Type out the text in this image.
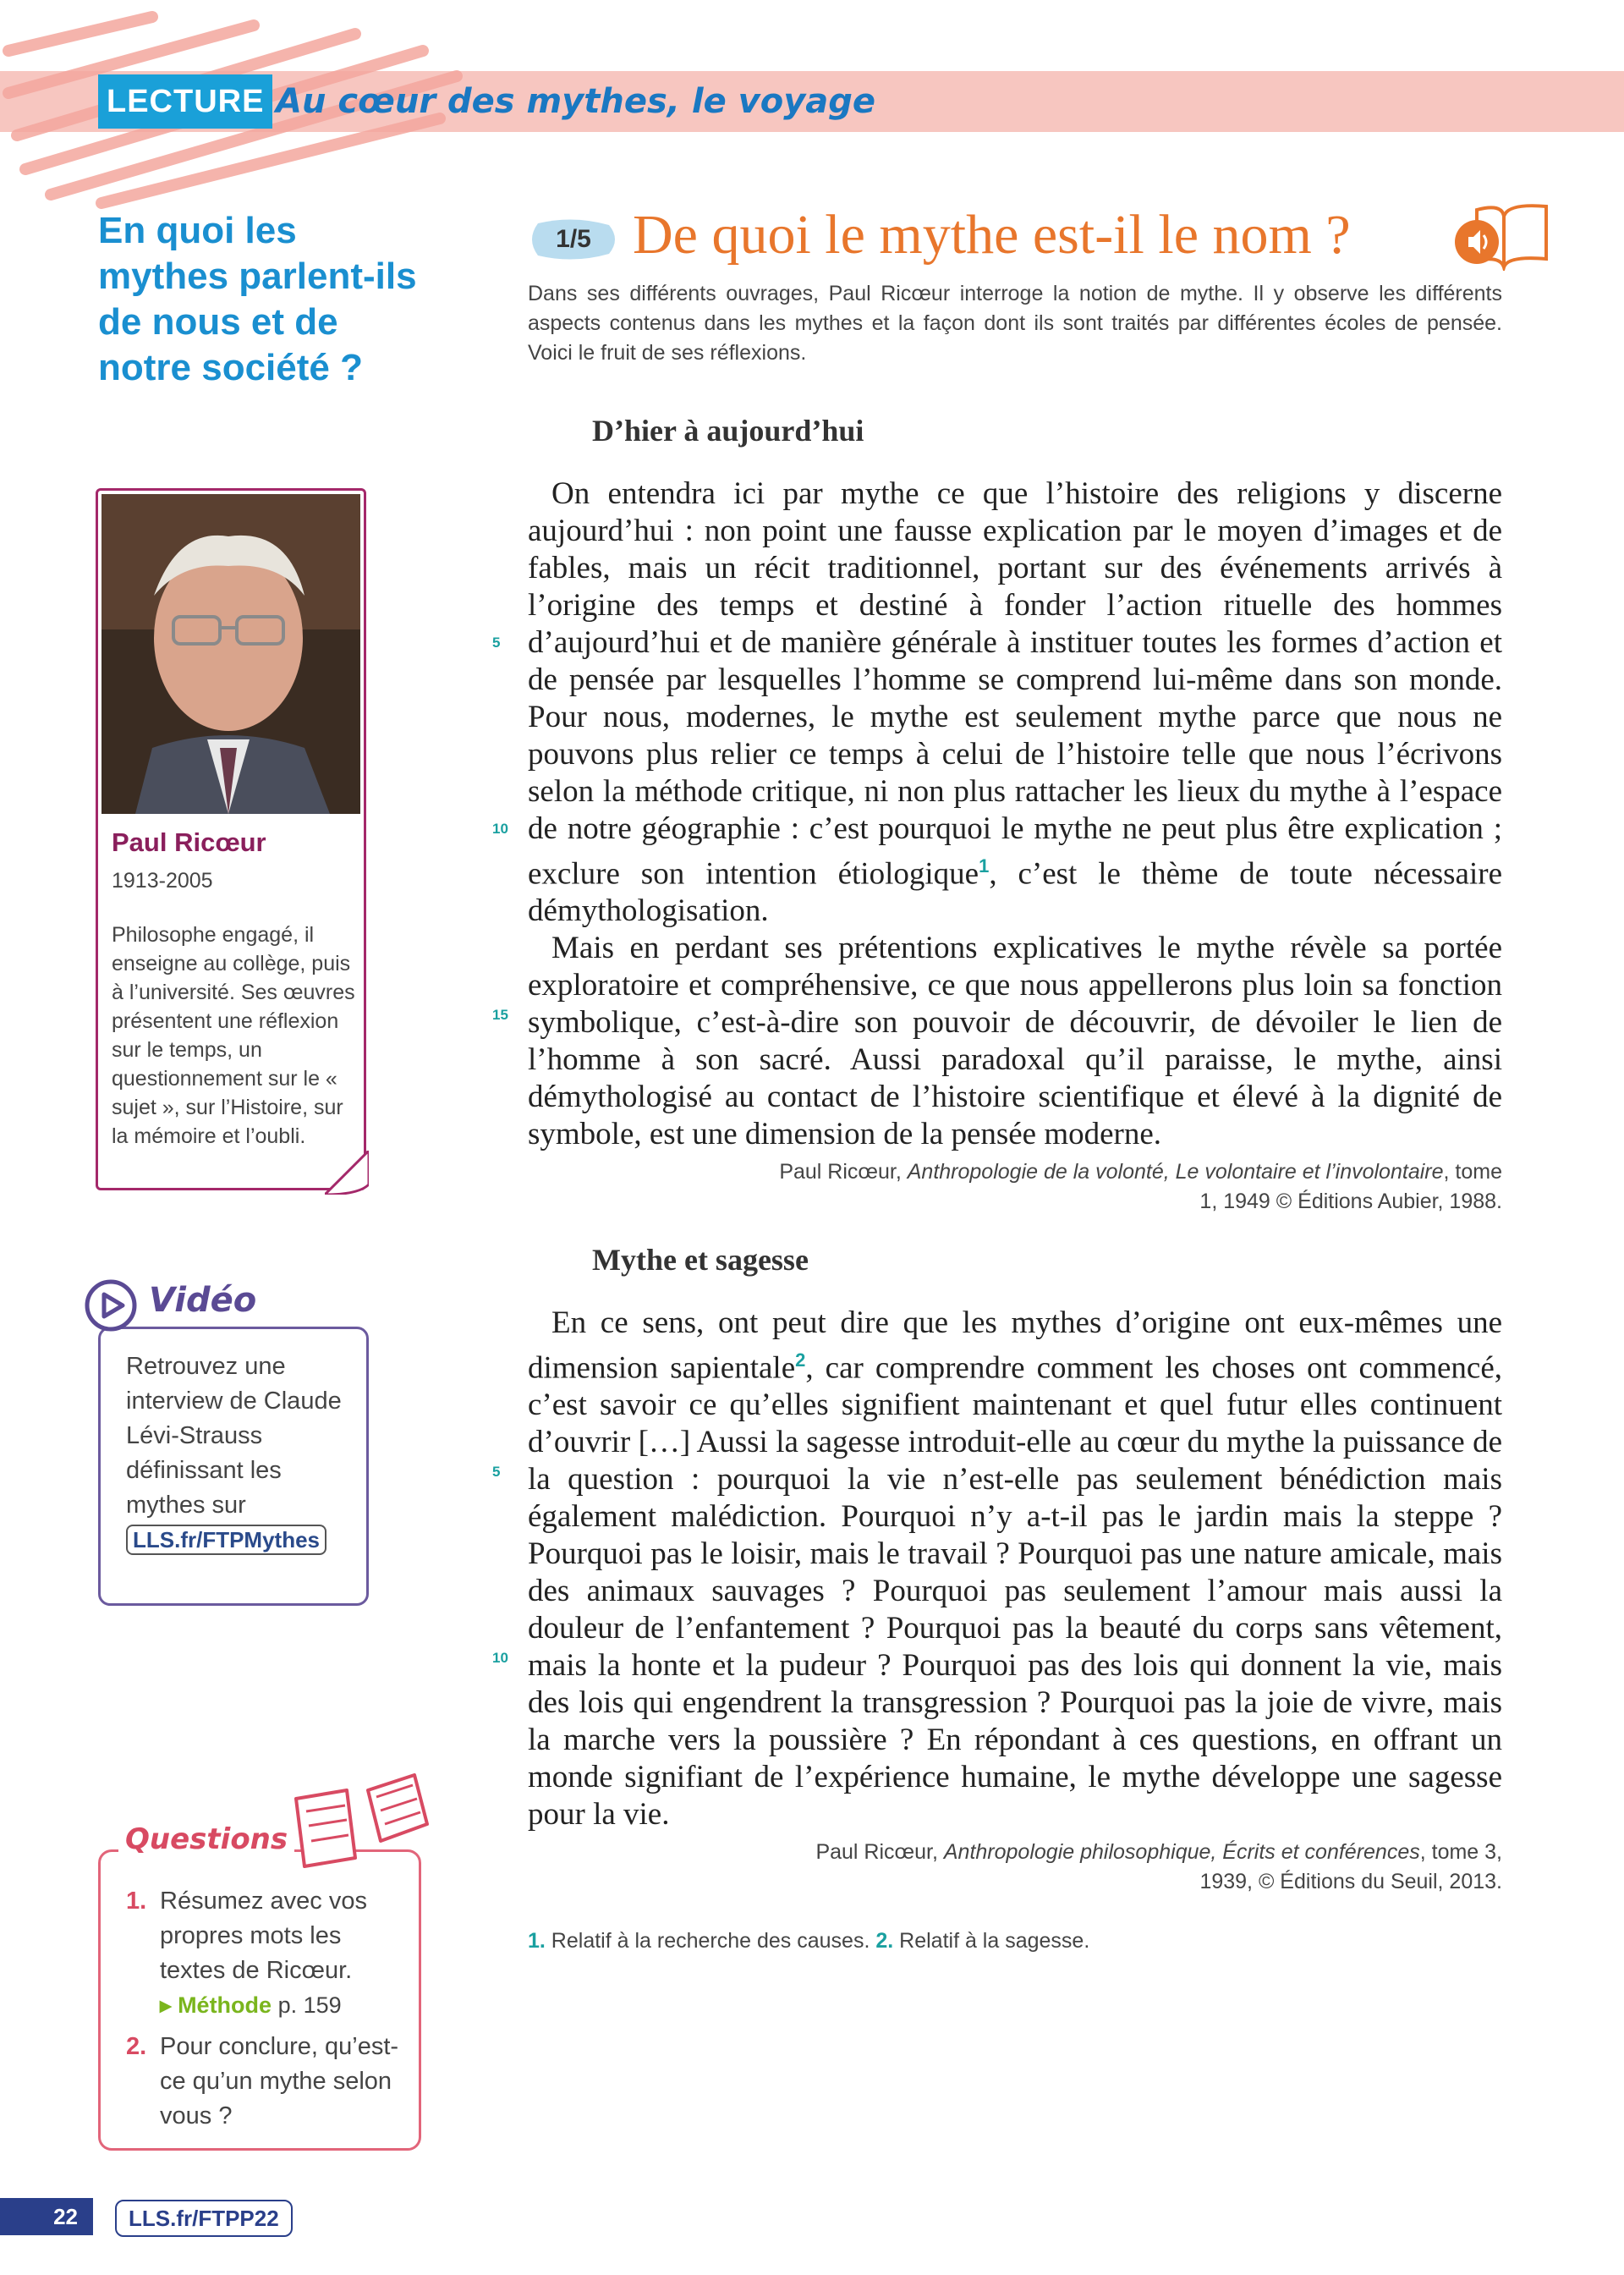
LECTURE Au cœur des mythes, le voyage
En quoi les mythes parlent-ils de nous et de notre société ?
Paul Ricœur
1913-2005
Philosophe engagé, il enseigne au collège, puis à l’université. Ses œuvres présentent une réflexion sur le temps, un questionnement sur le « sujet », sur l’Histoire, sur la mémoire et l’oubli.
Retrouvez une interview de Claude Lévi-Strauss définissant les mythes sur
LLS.fr/FTPMythes
Vidéo
1. Résumez avec vos propres mots les textes de Ricœur.
▸ Méthode p. 159
2. Pour conclure, qu’est-ce qu’un mythe selon vous ?
Questions
1/5 De quoi le mythe est-il le nom ?
Dans ses différents ouvrages, Paul Ricœur interroge la notion de mythe. Il y observe les différents aspects contenus dans les mythes et la façon dont ils sont traités par différentes écoles de pensée. Voici le fruit de ses réflexions.
D’hier à aujourd’hui

On entendra ici par mythe ce que l’histoire des religions y discerne aujourd’hui : non point une fausse explication par le moyen d’images et de fables, mais un récit traditionnel, portant sur des événements arrivés à l’origine des temps et destiné à fonder l’action rituelle des hommes d’aujourd’hui et de manière générale à instituer toutes les formes d’action et de pensée par lesquelles l’homme se comprend lui-même dans son monde. Pour nous, modernes, le mythe est seulement mythe parce que nous ne pouvons plus relier ce temps à celui de l’histoire telle que nous l’écrivons selon la méthode critique, ni non plus rattacher les lieux du mythe à l’espace de notre géographie : c’est pourquoi le mythe ne peut plus être explication ; exclure son intention étiologique$^1$, c’est le thème de toute nécessaire démythologisation.

Mais en perdant ses prétentions explicatives le mythe révèle sa portée exploratoire et compréhensive, ce que nous appellerons plus loin sa fonction symbolique, c’est-à-dire son pouvoir de découvrir, de dévoiler le lien de l’homme à son sacré. Aussi paradoxal qu’il paraisse, le mythe, ainsi démythologisé au contact de l’histoire scientifique et élevé à la dignité de symbole, est une dimension de la pensée moderne.

5
10
15
Paul Ricœur, Anthropologie de la volonté, Le volontaire et l’involontaire, tome 1, 1949 © Éditions Aubier, 1988.
Mythe et sagesse

En ce sens, ont peut dire que les mythes d’origine ont eux-mêmes une dimension sapientale$^2$, car comprendre comment les choses ont commencé, c’est savoir ce qu’elles signifient maintenant et quel futur elles continuent d’ouvrir […] Aussi la sagesse introduit-elle au cœur du mythe la puissance de la question : pourquoi la vie n’est-elle pas seulement bénédiction mais également malédiction. Pourquoi n’y a-t-il pas le jardin mais la steppe ? Pourquoi pas le loisir, mais le travail ? Pourquoi pas une nature amicale, mais des animaux sauvages ? Pourquoi pas seulement l’amour mais aussi la douleur de l’enfantement ? Pourquoi pas la beauté du corps sans vêtement, mais la honte et la pudeur ? Pourquoi pas des lois qui donnent la vie, mais des lois qui engendrent la transgression ? Pourquoi pas la joie de vivre, mais la marche vers la poussière ? En répondant à ces questions, en offrant un monde signifiant de l’expérience humaine, le mythe développe une sagesse pour la vie.

5
10
Paul Ricœur, Anthropologie philosophique, Écrits et conférences, tome 3, 1939, © Éditions du Seuil, 2013.
1. Relatif à la recherche des causes. 2. Relatif à la sagesse.
22	LLS.fr/FTPP22
